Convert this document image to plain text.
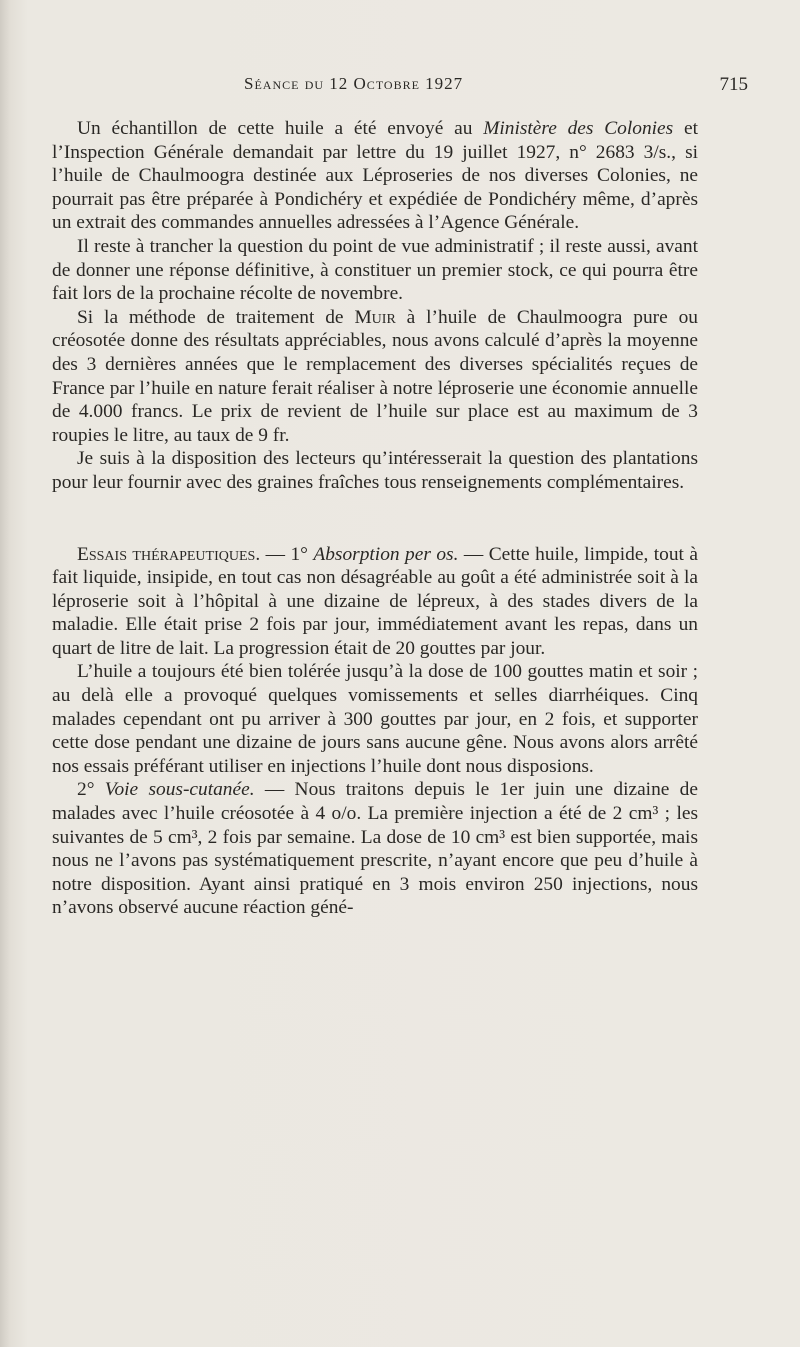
Séance du 12 Octobre 1927	715

Un échantillon de cette huile a été envoyé au Ministère des Colonies et l’Inspection Générale demandait par lettre du 19 juillet 1927, n° 2683 3/s., si l’huile de Chaulmoogra destinée aux Léproseries de nos diverses Colonies, ne pourrait pas être préparée à Pondichéry et expédiée de Pondichéry même, d’après un extrait des commandes annuelles adressées à l’Agence Générale.

Il reste à trancher la question du point de vue administratif ; il reste aussi, avant de donner une réponse définitive, à constituer un premier stock, ce qui pourra être fait lors de la prochaine récolte de novembre.

Si la méthode de traitement de Muir à l’huile de Chaulmoogra pure ou créosotée donne des résultats appréciables, nous avons calculé d’après la moyenne des 3 dernières années que le remplacement des diverses spécialités reçues de France par l’huile en nature ferait réaliser à notre léproserie une économie annuelle de 4.000 francs. Le prix de revient de l’huile sur place est au maximum de 3 roupies le litre, au taux de 9 fr.

Je suis à la disposition des lecteurs qu’intéresserait la question des plantations pour leur fournir avec des graines fraîches tous renseignements complémentaires.

Essais thérapeutiques. — 1° Absorption per os. — Cette huile, limpide, tout à fait liquide, insipide, en tout cas non désagréable au goût a été administrée soit à la léproserie soit à l’hôpital à une dizaine de lépreux, à des stades divers de la maladie. Elle était prise 2 fois par jour, immédiatement avant les repas, dans un quart de litre de lait. La progression était de 20 gouttes par jour.

L’huile a toujours été bien tolérée jusqu’à la dose de 100 gouttes matin et soir ; au delà elle a provoqué quelques vomissements et selles diarrhéiques. Cinq malades cependant ont pu arriver à 300 gouttes par jour, en 2 fois, et supporter cette dose pendant une dizaine de jours sans aucune gêne. Nous avons alors arrêté nos essais préférant utiliser en injections l’huile dont nous disposions.

2° Voie sous-cutanée. — Nous traitons depuis le 1er juin une dizaine de malades avec l’huile créosotée à 4 o/o. La première injection a été de 2 cm³ ; les suivantes de 5 cm³, 2 fois par semaine. La dose de 10 cm³ est bien supportée, mais nous ne l’avons pas systématiquement prescrite, n’ayant encore que peu d’huile à notre disposition. Ayant ainsi pratiqué en 3 mois environ 250 injections, nous n’avons observé aucune réaction géné-
